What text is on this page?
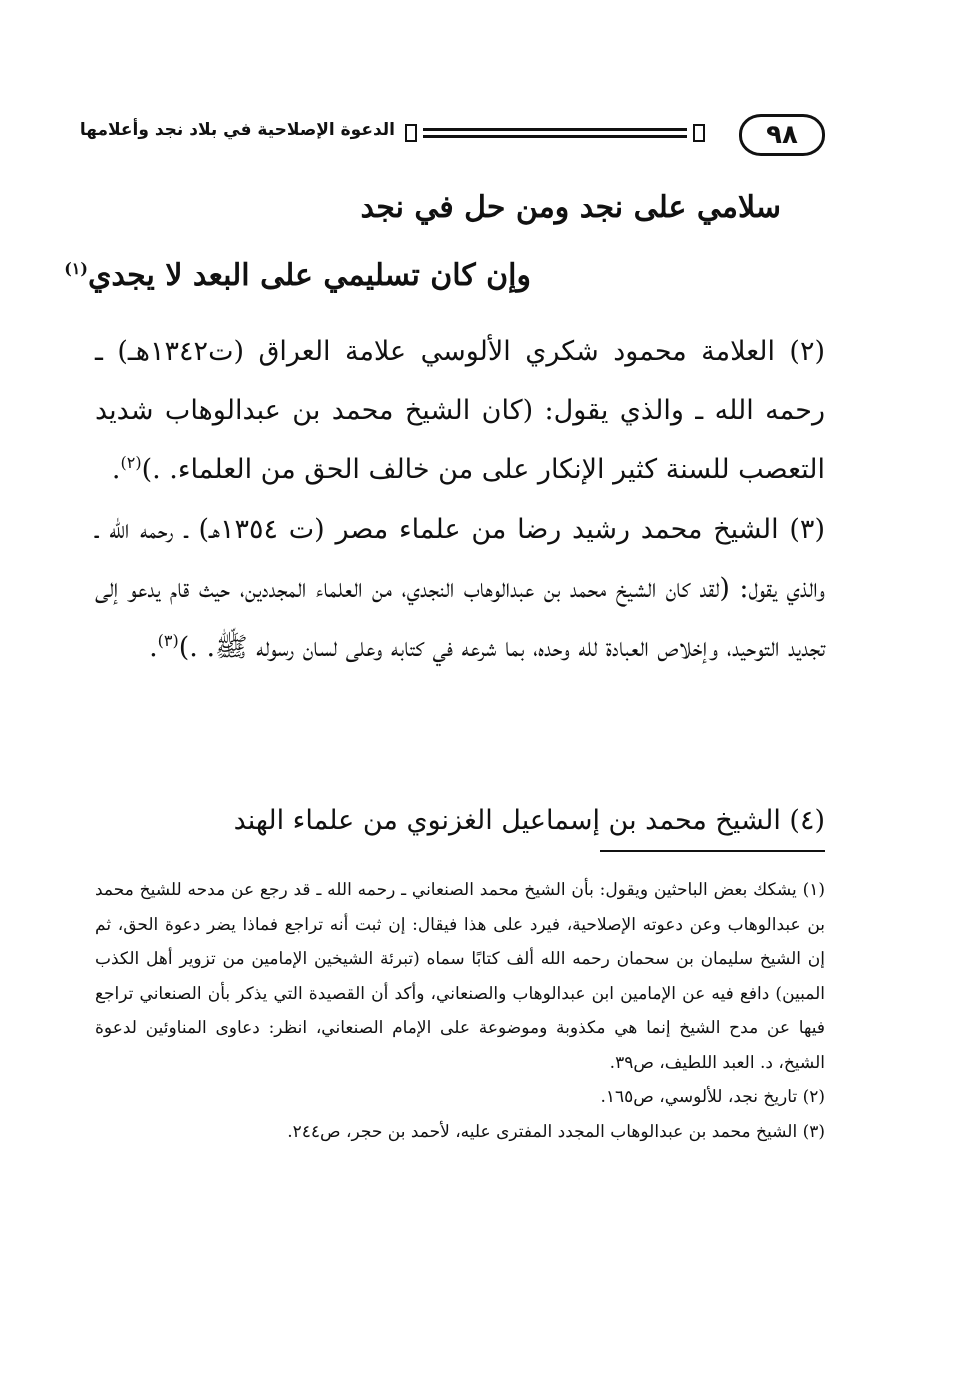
٩٨
الدعوة الإصلاحية في بلاد نجد وأعلامها
سلامي على نجد ومن حل في نجد
وإن كان تسليمي على البعد لا يجدي$^{(١)}$
(٢) العلامة محمود شكري الألوسي علامة العراق (ت١٣٤٢هـ) ـ رحمه الله ـ والذي يقول: (كان الشيخ محمد بن عبدالوهاب شديد التعصب للسنة كثير الإنكار على من خالف الحق من العلماء. .)$^{(٢)}$.
(٣) الشيخ محمد رشيد رضا من علماء مصر (ت ١٣٥٤هـ) ـ رحمه الله ـ والذي يقول: (لقد كان الشيخ محمد بن عبدالوهاب النجدي، من العلماء المجددين، حيث قام يدعو إلى تجديد التوحيد، وإخلاص العبادة لله وحده، بما شرعه في كتابه وعلى لسان رسوله ﷺ. .)$^{(٣)}$.
(٤) الشيخ محمد بن إسماعيل الغزنوي من علماء الهند

(١) يشكك بعض الباحثين ويقول: بأن الشيخ محمد الصنعاني ـ رحمه الله ـ قد رجع عن مدحه للشيخ محمد بن عبدالوهاب وعن دعوته الإصلاحية، فيرد على هذا فيقال: إن ثبت أنه تراجع فماذا يضر دعوة الحق، ثم إن الشيخ سليمان بن سحمان رحمه الله ألف كتابًا سماه (تبرئة الشيخين الإمامين من تزوير أهل الكذب المبين) دافع فيه عن الإمامين ابن عبدالوهاب والصنعاني، وأكد أن القصيدة التي يذكر بأن الصنعاني تراجع فيها عن مدح الشيخ إنما هي مكذوبة وموضوعة على الإمام الصنعاني، انظر: دعاوى المناوئين لدعوة الشيخ، د. العبد اللطيف، ص٣٩.

(٢) تاريخ نجد، للألوسي، ص١٦٥.

(٣) الشيخ محمد بن عبدالوهاب المجدد المفترى عليه، لأحمد بن حجر، ص٢٤٤.
